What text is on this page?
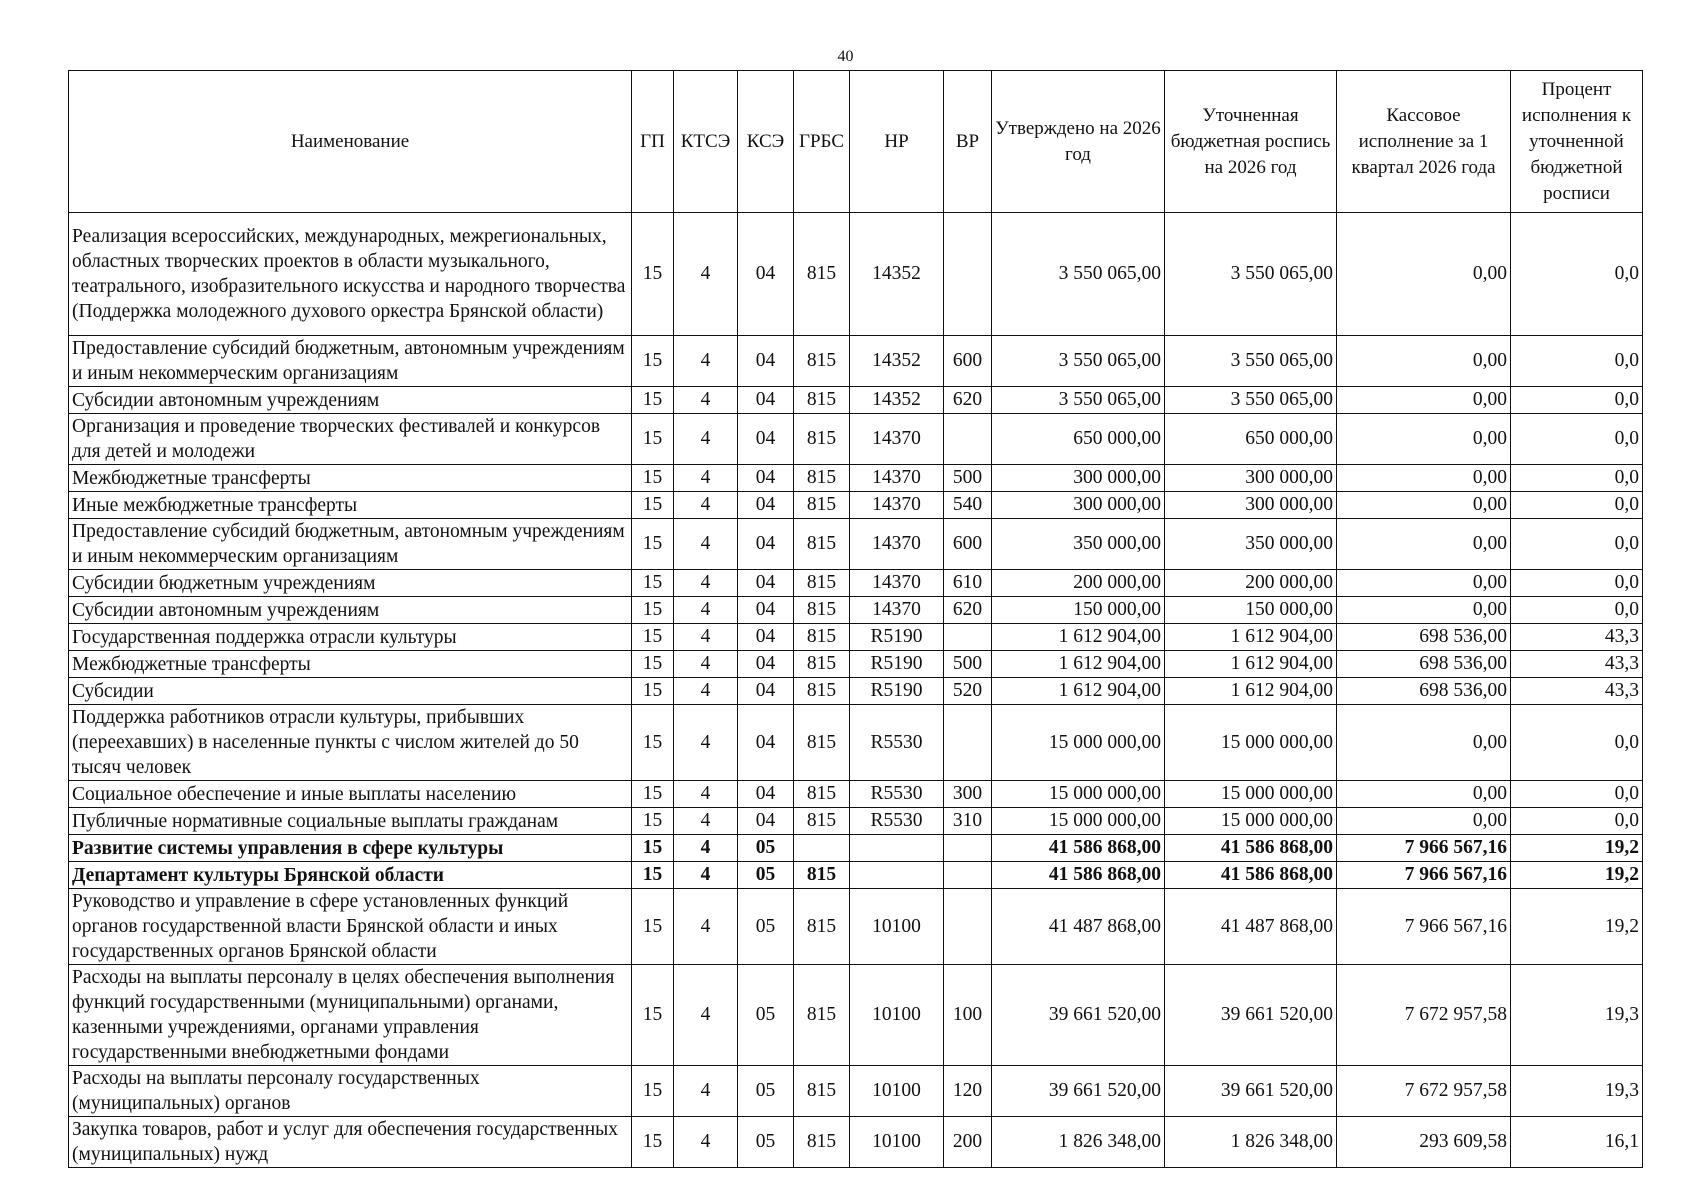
40
Наименование	ГП	КТСЭ	КСЭ	ГРБС	НР	ВР	Утверждено на 2026 год	Уточненная бюджетная роспись на 2026 год	Кассовое исполнение за 1 квартал 2026 года	Процент исполнения к уточненной бюджетной росписи
Реализация всероссийских, международных, межрегиональных, областных творческих проектов в области музыкального, театрального, изобразительного искусства и народного творчества (Поддержка молодежного духового оркестра Брянской области)	15	4	04	815	14352		3 550 065,00	3 550 065,00	0,00	0,0
Предоставление субсидий бюджетным, автономным учреждениям и иным некоммерческим организациям	15	4	04	815	14352	600	3 550 065,00	3 550 065,00	0,00	0,0
Субсидии автономным учреждениям	15	4	04	815	14352	620	3 550 065,00	3 550 065,00	0,00	0,0
Организация и проведение творческих фестивалей и конкурсов для детей и молодежи	15	4	04	815	14370		650 000,00	650 000,00	0,00	0,0
Межбюджетные трансферты	15	4	04	815	14370	500	300 000,00	300 000,00	0,00	0,0
Иные межбюджетные трансферты	15	4	04	815	14370	540	300 000,00	300 000,00	0,00	0,0
Предоставление субсидий бюджетным, автономным учреждениям и иным некоммерческим организациям	15	4	04	815	14370	600	350 000,00	350 000,00	0,00	0,0
Субсидии бюджетным учреждениям	15	4	04	815	14370	610	200 000,00	200 000,00	0,00	0,0
Субсидии автономным учреждениям	15	4	04	815	14370	620	150 000,00	150 000,00	0,00	0,0
Государственная поддержка отрасли культуры	15	4	04	815	R5190		1 612 904,00	1 612 904,00	698 536,00	43,3
Межбюджетные трансферты	15	4	04	815	R5190	500	1 612 904,00	1 612 904,00	698 536,00	43,3
Субсидии	15	4	04	815	R5190	520	1 612 904,00	1 612 904,00	698 536,00	43,3
Поддержка работников отрасли культуры, прибывших (переехавших) в населенные пункты с числом жителей до 50 тысяч человек	15	4	04	815	R5530		15 000 000,00	15 000 000,00	0,00	0,0
Социальное обеспечение и иные выплаты населению	15	4	04	815	R5530	300	15 000 000,00	15 000 000,00	0,00	0,0
Публичные нормативные социальные выплаты гражданам	15	4	04	815	R5530	310	15 000 000,00	15 000 000,00	0,00	0,0
Развитие системы управления в сфере культуры	15	4	05				41 586 868,00	41 586 868,00	7 966 567,16	19,2
Департамент культуры Брянской области	15	4	05	815			41 586 868,00	41 586 868,00	7 966 567,16	19,2
Руководство и управление в сфере установленных функций органов государственной власти Брянской области и иных государственных органов Брянской области	15	4	05	815	10100		41 487 868,00	41 487 868,00	7 966 567,16	19,2
Расходы на выплаты персоналу в целях обеспечения выполнения функций государственными (муниципальными) органами, казенными учреждениями, органами управления государственными внебюджетными фондами	15	4	05	815	10100	100	39 661 520,00	39 661 520,00	7 672 957,58	19,3
Расходы на выплаты персоналу государственных (муниципальных) органов	15	4	05	815	10100	120	39 661 520,00	39 661 520,00	7 672 957,58	19,3
Закупка товаров, работ и услуг для обеспечения государственных (муниципальных) нужд	15	4	05	815	10100	200	1 826 348,00	1 826 348,00	293 609,58	16,1
